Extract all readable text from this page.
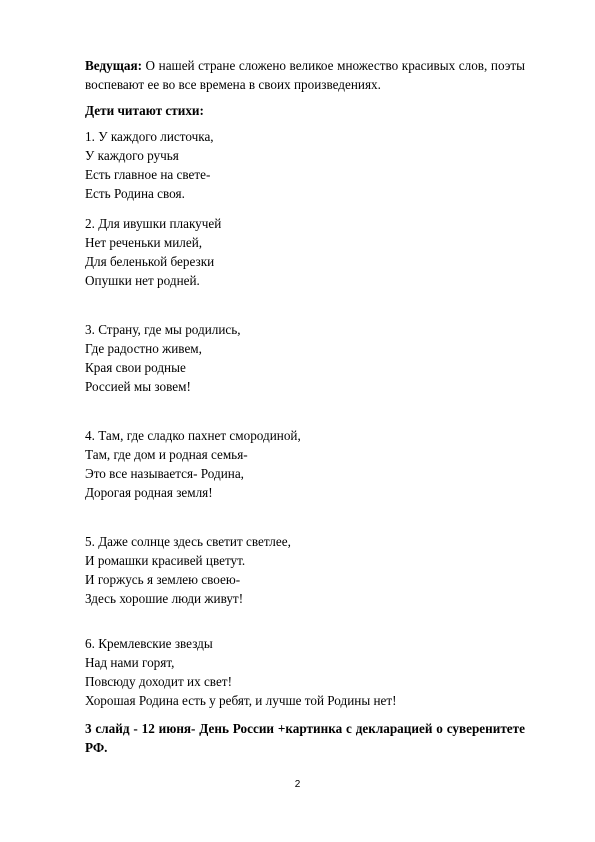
Ведущая: О нашей стране сложено великое множество красивых слов, поэты воспевают ее во все времена в своих произведениях.

Дети читают стихи:

1. У каждого листочка,
У каждого ручья
Есть главное на свете-
Есть Родина своя.
2. Для ивушки плакучей
Нет реченьки милей,
Для беленькой березки
Опушки нет родней.
3. Страну, где мы родились,
Где радостно живем,
Края свои родные
Россией мы зовем!
4. Там, где сладко пахнет смородиной,
Там, где дом и родная семья-
Это все называется- Родина,
Дорогая родная земля!
5. Даже солнце здесь светит светлее,
И ромашки красивей цветут.
И горжусь я землею своею-
Здесь хорошие люди живут!
6. Кремлевские звезды
Над нами горят,
Повсюду доходит их свет!
Хорошая Родина есть у ребят, и лучше той Родины нет!

3 слайд - 12 июня- День России +картинка с декларацией о суверенитете РФ.

2
